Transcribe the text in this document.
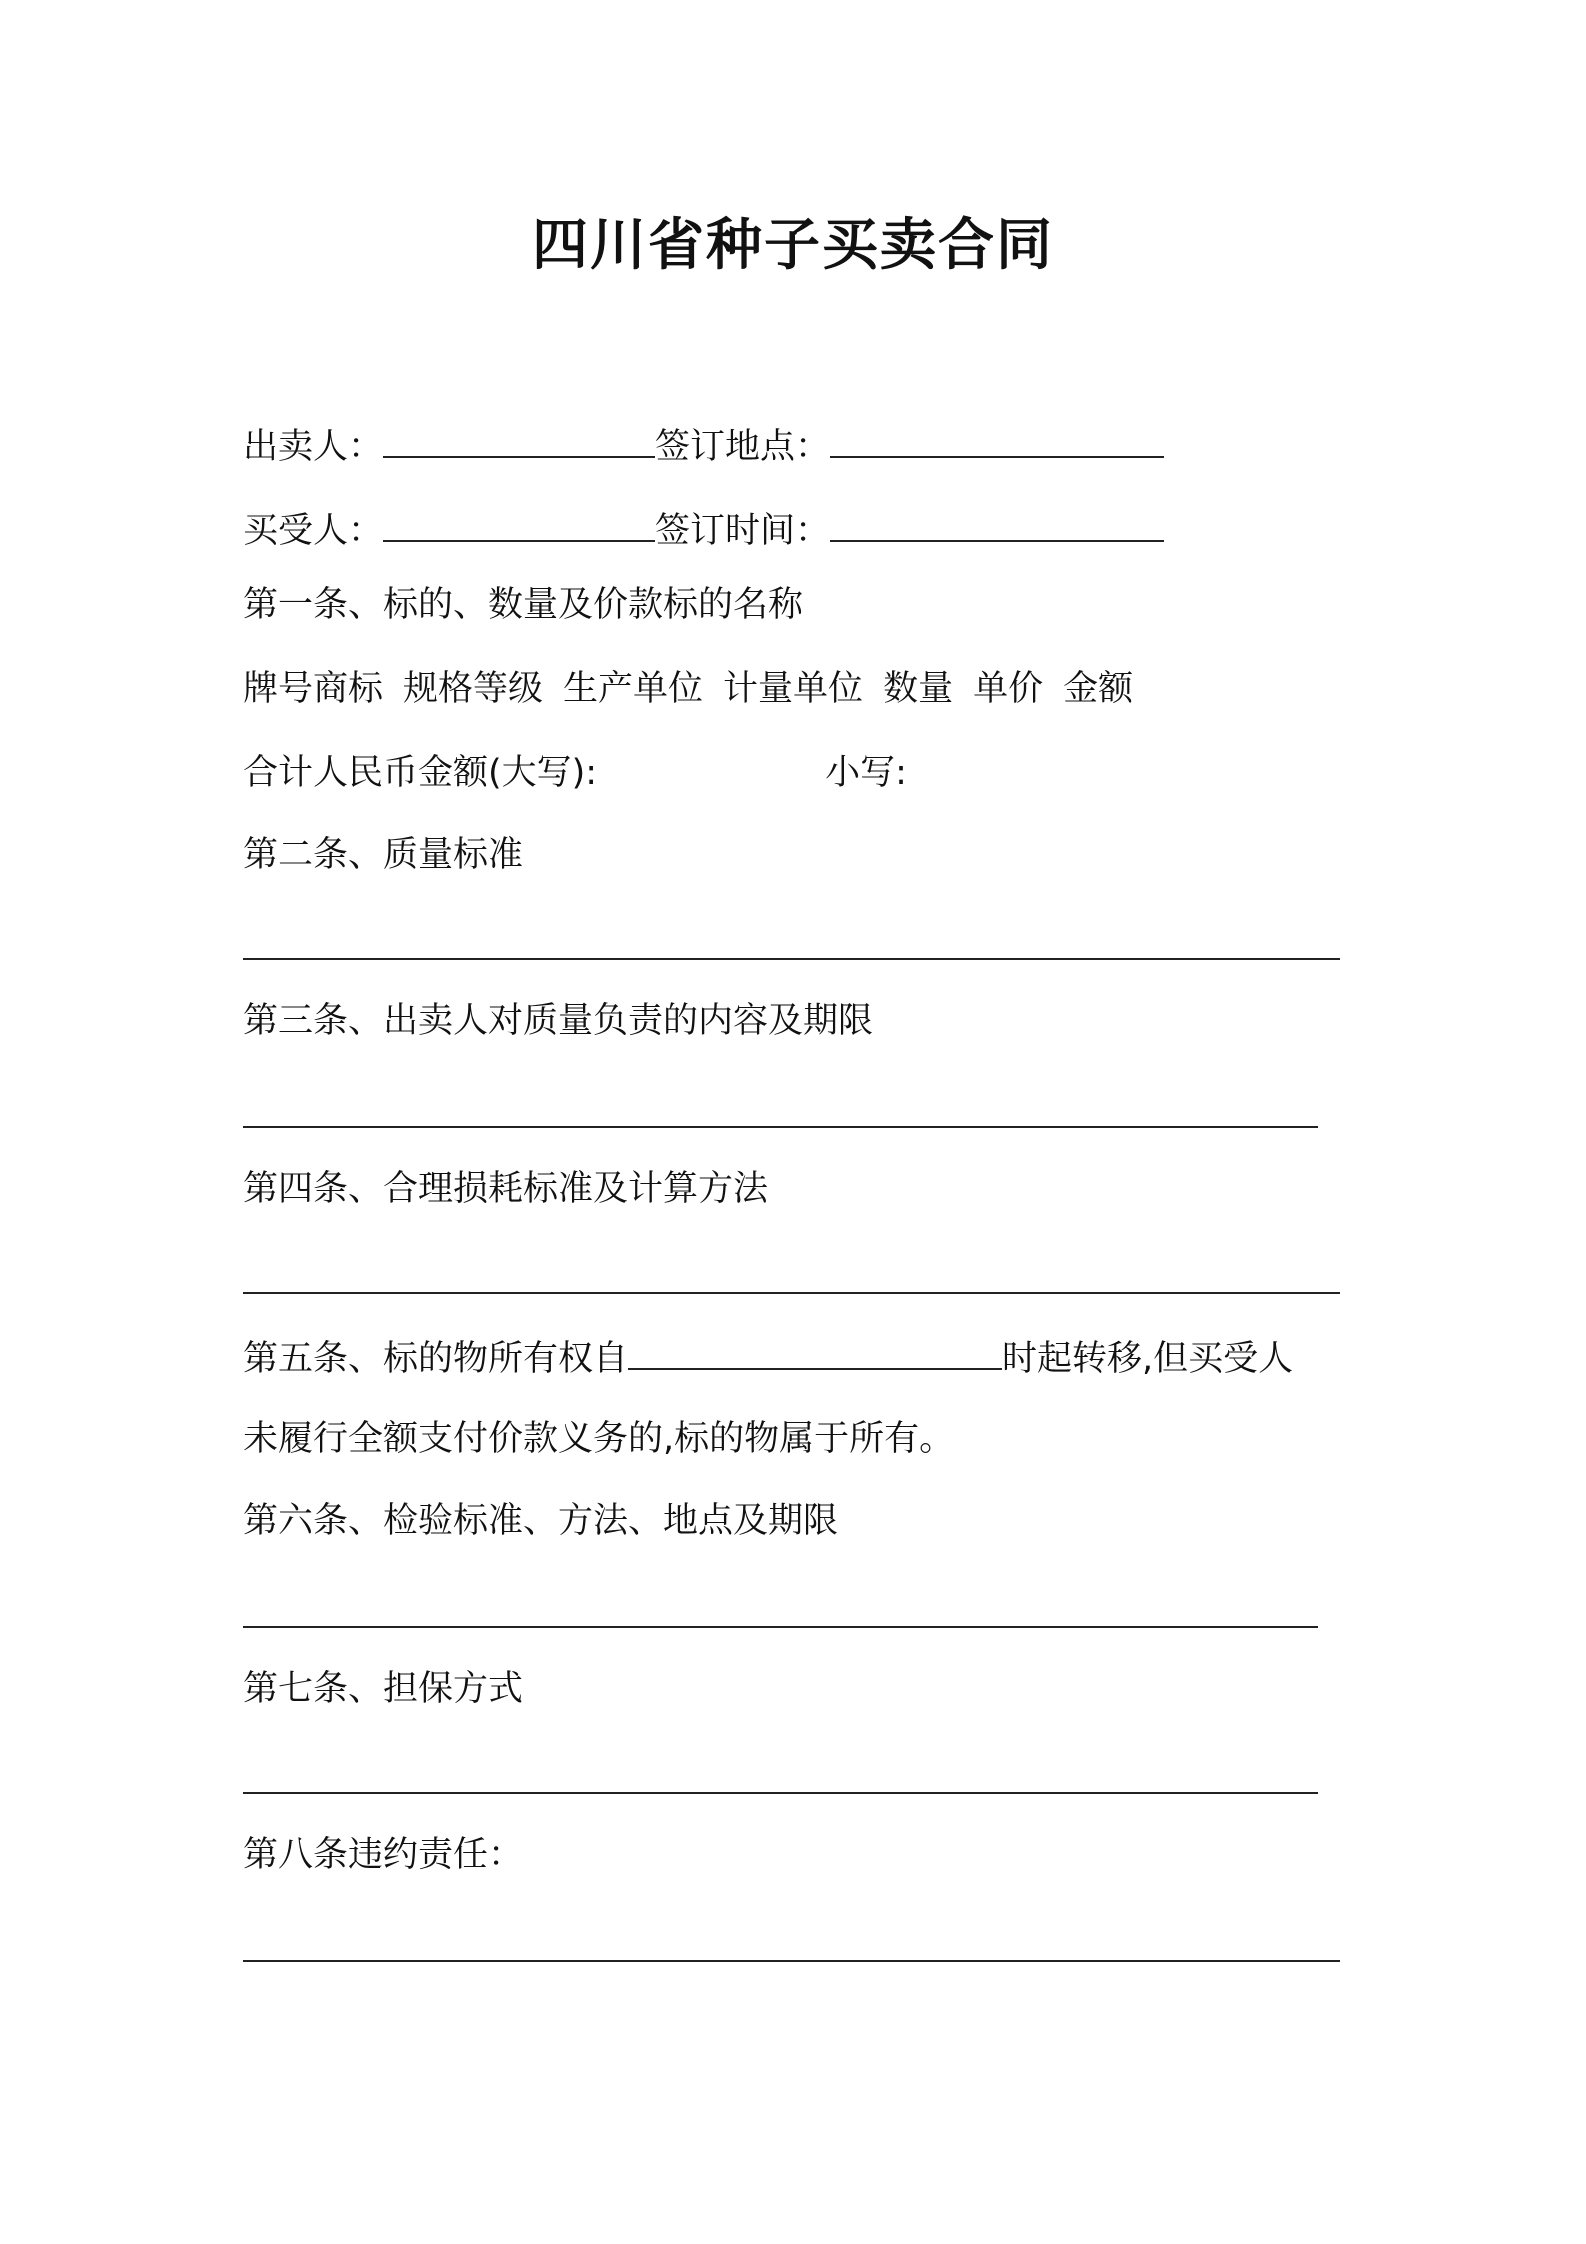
四川省种子买卖合同
出卖人：	签订地点：
买受人：	签订时间：
第一条、标的、数量及价款标的名称
牌号商标 规格等级 生产单位 计量单位 数量 单价 金额
合计人民币金额(大写):	小写:
第二条、质量标准
第三条、出卖人对质量负责的内容及期限
第四条、合理损耗标准及计算方法
第五条、标的物所有权自	时起转移,但买受人
未履行全额支付价款义务的,标的物属于所有。
第六条、检验标准、方法、地点及期限
第七条、担保方式
第八条违约责任：
